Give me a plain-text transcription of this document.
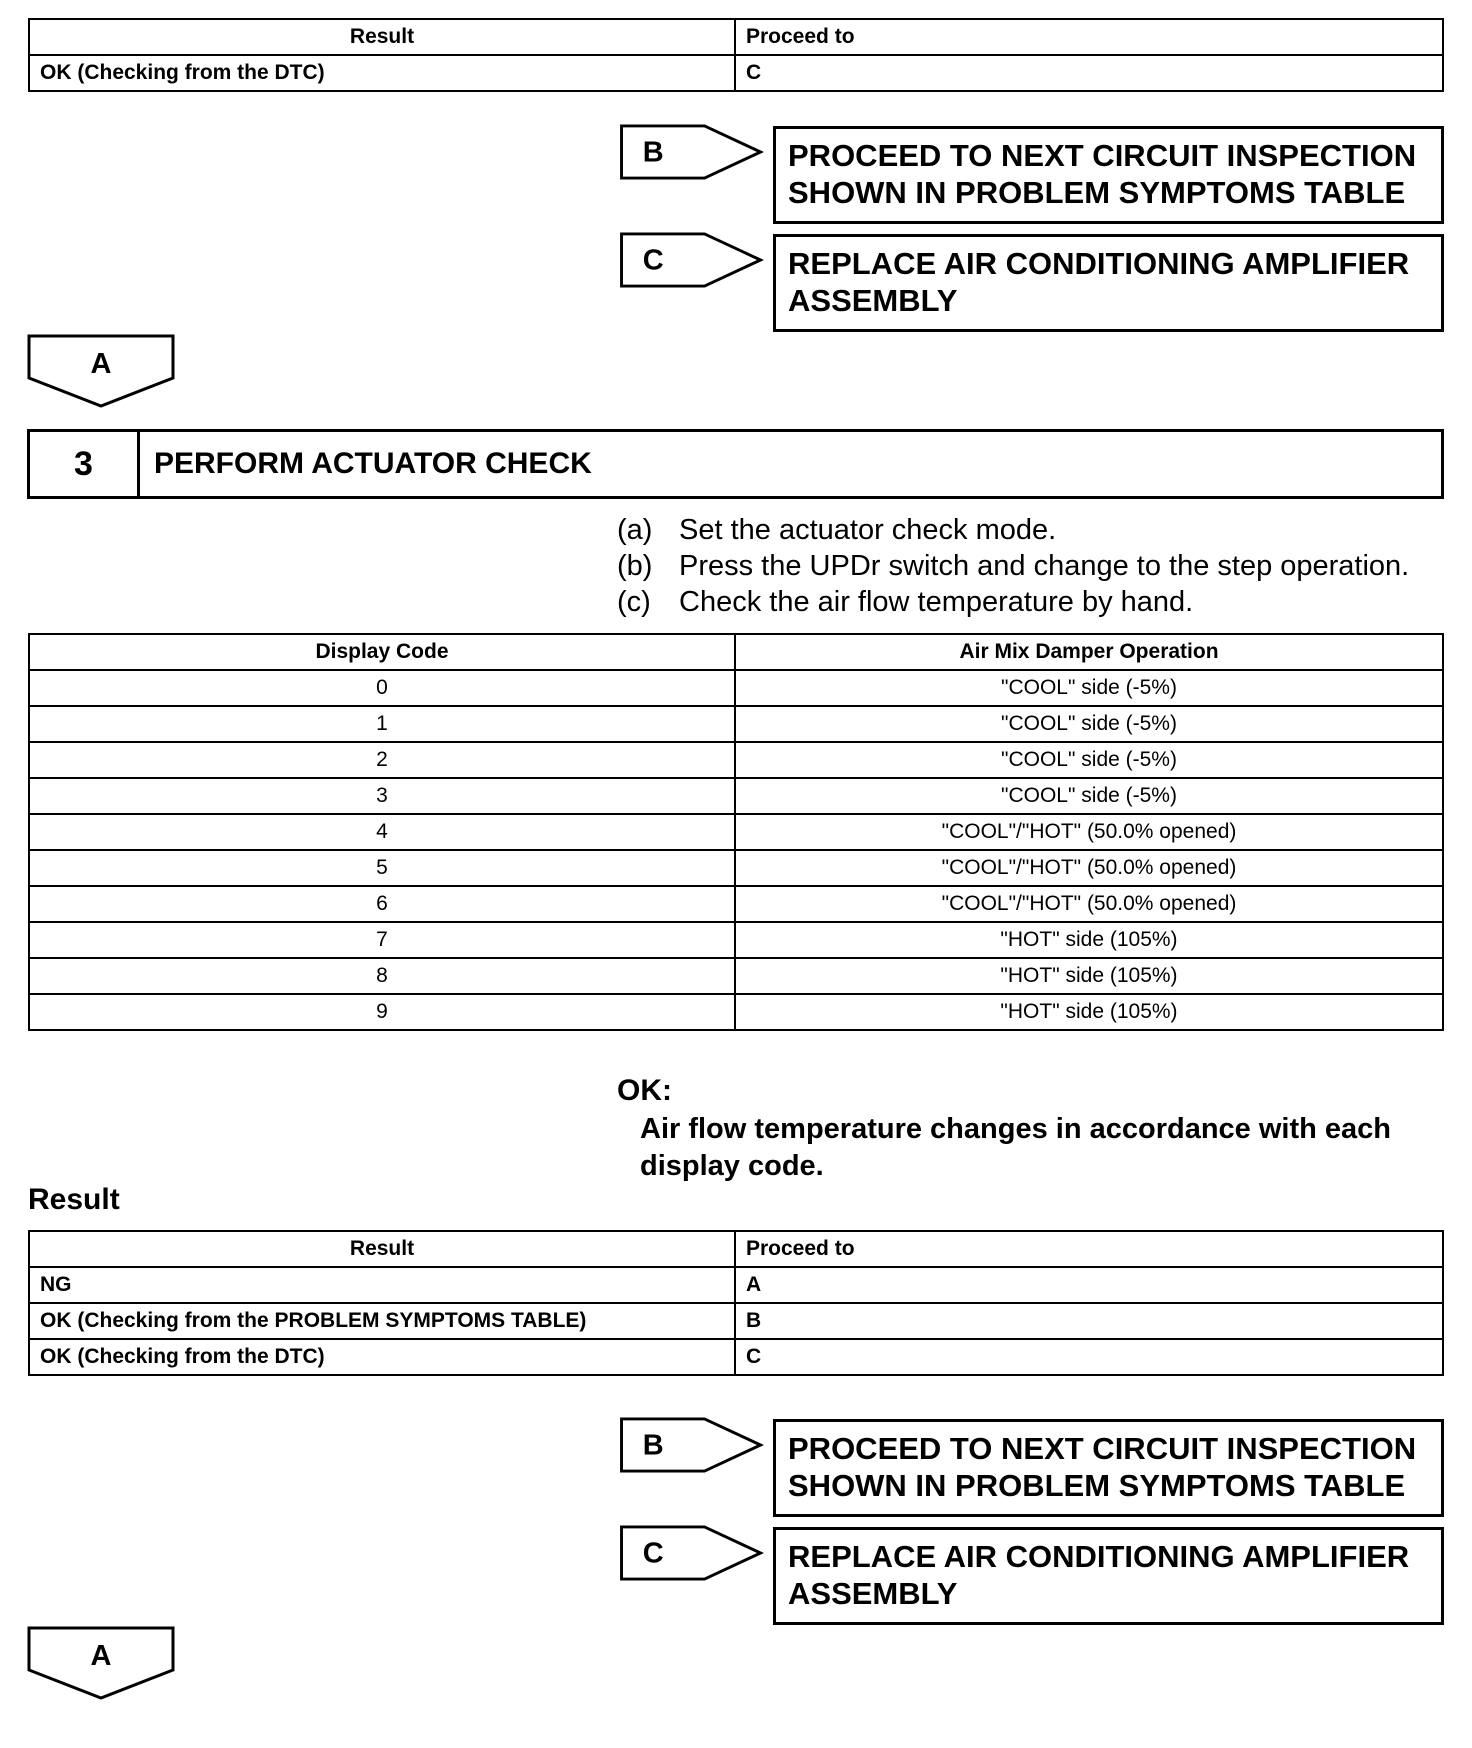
Result	Proceed to
OK (Checking from the DTC)	C
B	PROCEED TO NEXT CIRCUIT INSPECTION SHOWN IN PROBLEM SYMPTOMS TABLE
C	REPLACE AIR CONDITIONING AMPLIFIER ASSEMBLY
A
3	PERFORM ACTUATOR CHECK
(a) Set the actuator check mode.
(b) Press the UPDr switch and change to the step operation.
(c) Check the air flow temperature by hand.
Display Code	Air Mix Damper Operation
0	"COOL" side (-5%)
1	"COOL" side (-5%)
2	"COOL" side (-5%)
3	"COOL" side (-5%)
4	"COOL"/"HOT" (50.0% opened)
5	"COOL"/"HOT" (50.0% opened)
6	"COOL"/"HOT" (50.0% opened)
7	"HOT" side (105%)
8	"HOT" side (105%)
9	"HOT" side (105%)
OK:
Air flow temperature changes in accordance with each display code.
Result
Result	Proceed to
NG	A
OK (Checking from the PROBLEM SYMPTOMS TABLE)	B
OK (Checking from the DTC)	C
B	PROCEED TO NEXT CIRCUIT INSPECTION SHOWN IN PROBLEM SYMPTOMS TABLE
C	REPLACE AIR CONDITIONING AMPLIFIER ASSEMBLY
A
